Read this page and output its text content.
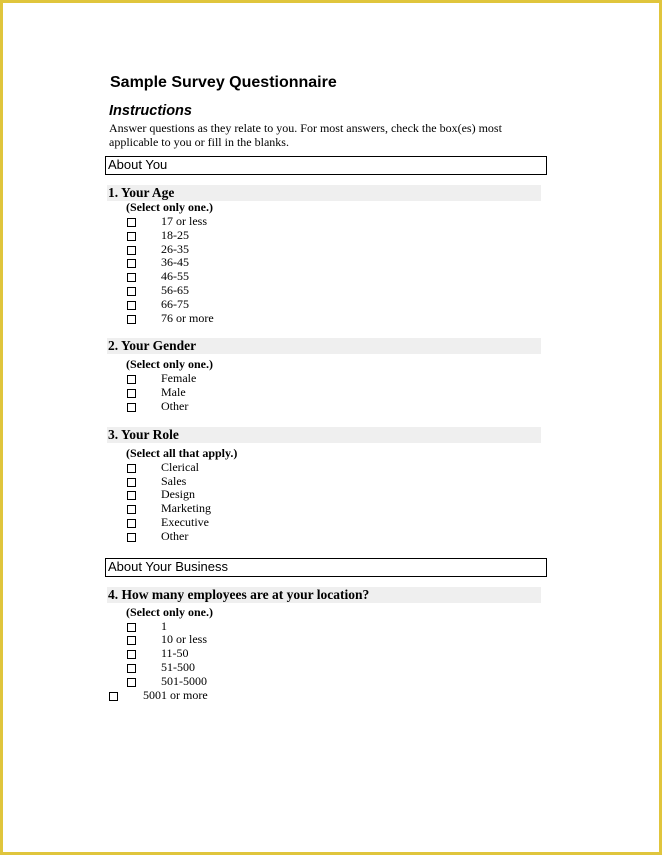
Sample Survey Questionnaire
Instructions
Answer questions as they relate to you. For most answers, check the box(es) most applicable to you or fill in the blanks.
About You
1. Your Age
(Select only one.)
17 or less
18-25
26-35
36-45
46-55
56-65
66-75
76 or more
2. Your Gender
(Select only one.)
Female
Male
Other
3. Your Role
(Select all that apply.)
Clerical
Sales
Design
Marketing
Executive
Other
About Your Business
4. How many employees are at your location?
(Select only one.)
1
10 or less
11-50
51-500
501-5000
5001 or more
